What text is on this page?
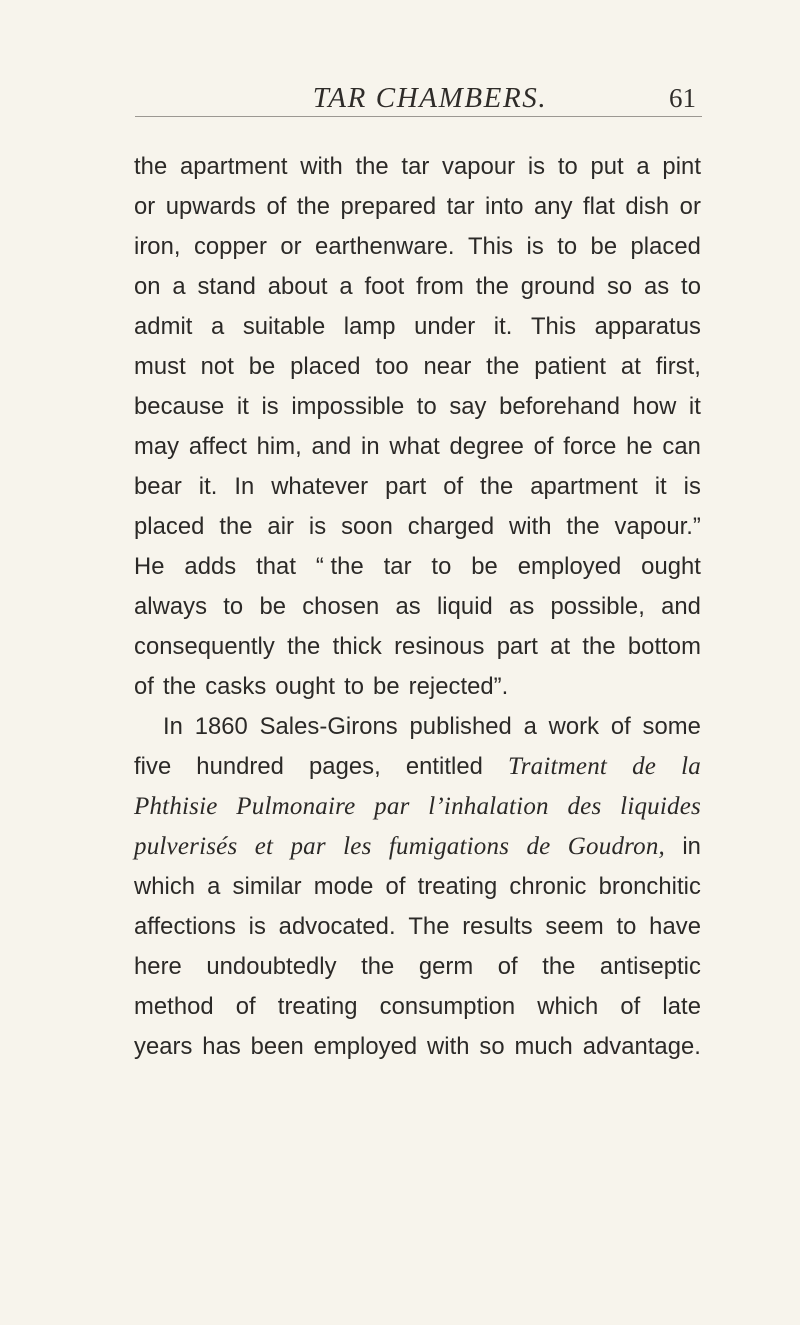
TAR CHAMBERS.	61
the apartment with the tar vapour is to put a pint
or upwards of the prepared tar into any flat dish or
iron, copper or earthenware. This is to be placed
on a stand about a foot from the ground so as to
admit a suitable lamp under it. This apparatus
must not be placed too near the patient at first,
because it is impossible to say beforehand how it
may affect him, and in what degree of force he can
bear it. In whatever part of the apartment it is
placed the air is soon charged with the vapour.”
He adds that “ the tar to be employed ought
always to be chosen as liquid as possible, and
consequently the thick resinous part at the bottom
of the casks ought to be rejected”.
In 1860 Sales-Girons published a work of some
five hundred pages, entitled Traitment de la
Phthisie Pulmonaire par l’inhalation des liquides
pulverisés et par les fumigations de Goudron, in
which a similar mode of treating chronic bronchitic
affections is advocated. The results seem to have
here undoubtedly the germ of the antiseptic
method of treating consumption which of late
years has been employed with so much advantage.
